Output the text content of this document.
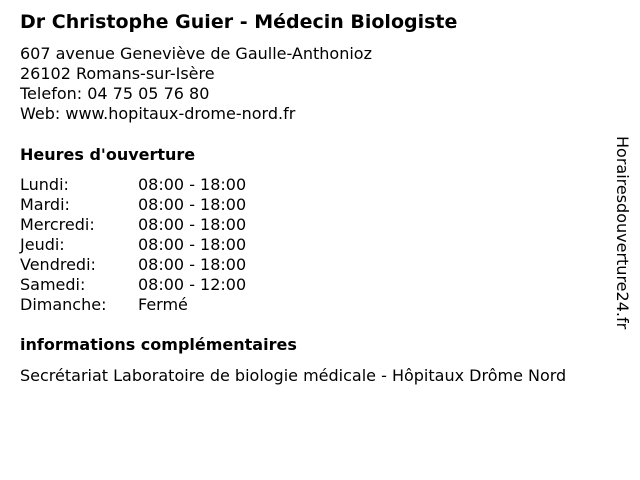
Dr Christophe Guier - Médecin Biologiste
607 avenue Geneviève de Gaulle-Anthonioz
26102 Romans-sur-Isère
Telefon: 04 75 05 76 80
Web: www.hopitaux-drome-nord.fr
Heures d'ouverture
Lundi:	08:00 - 18:00
Mardi:	08:00 - 18:00
Mercredi:	08:00 - 18:00
Jeudi:	08:00 - 18:00
Vendredi:	08:00 - 18:00
Samedi:	08:00 - 12:00
Dimanche: Fermé
informations complémentaires
Secrétariat Laboratoire de biologie médicale - Hôpitaux Drôme Nord
Horairesdouverture24.fr
